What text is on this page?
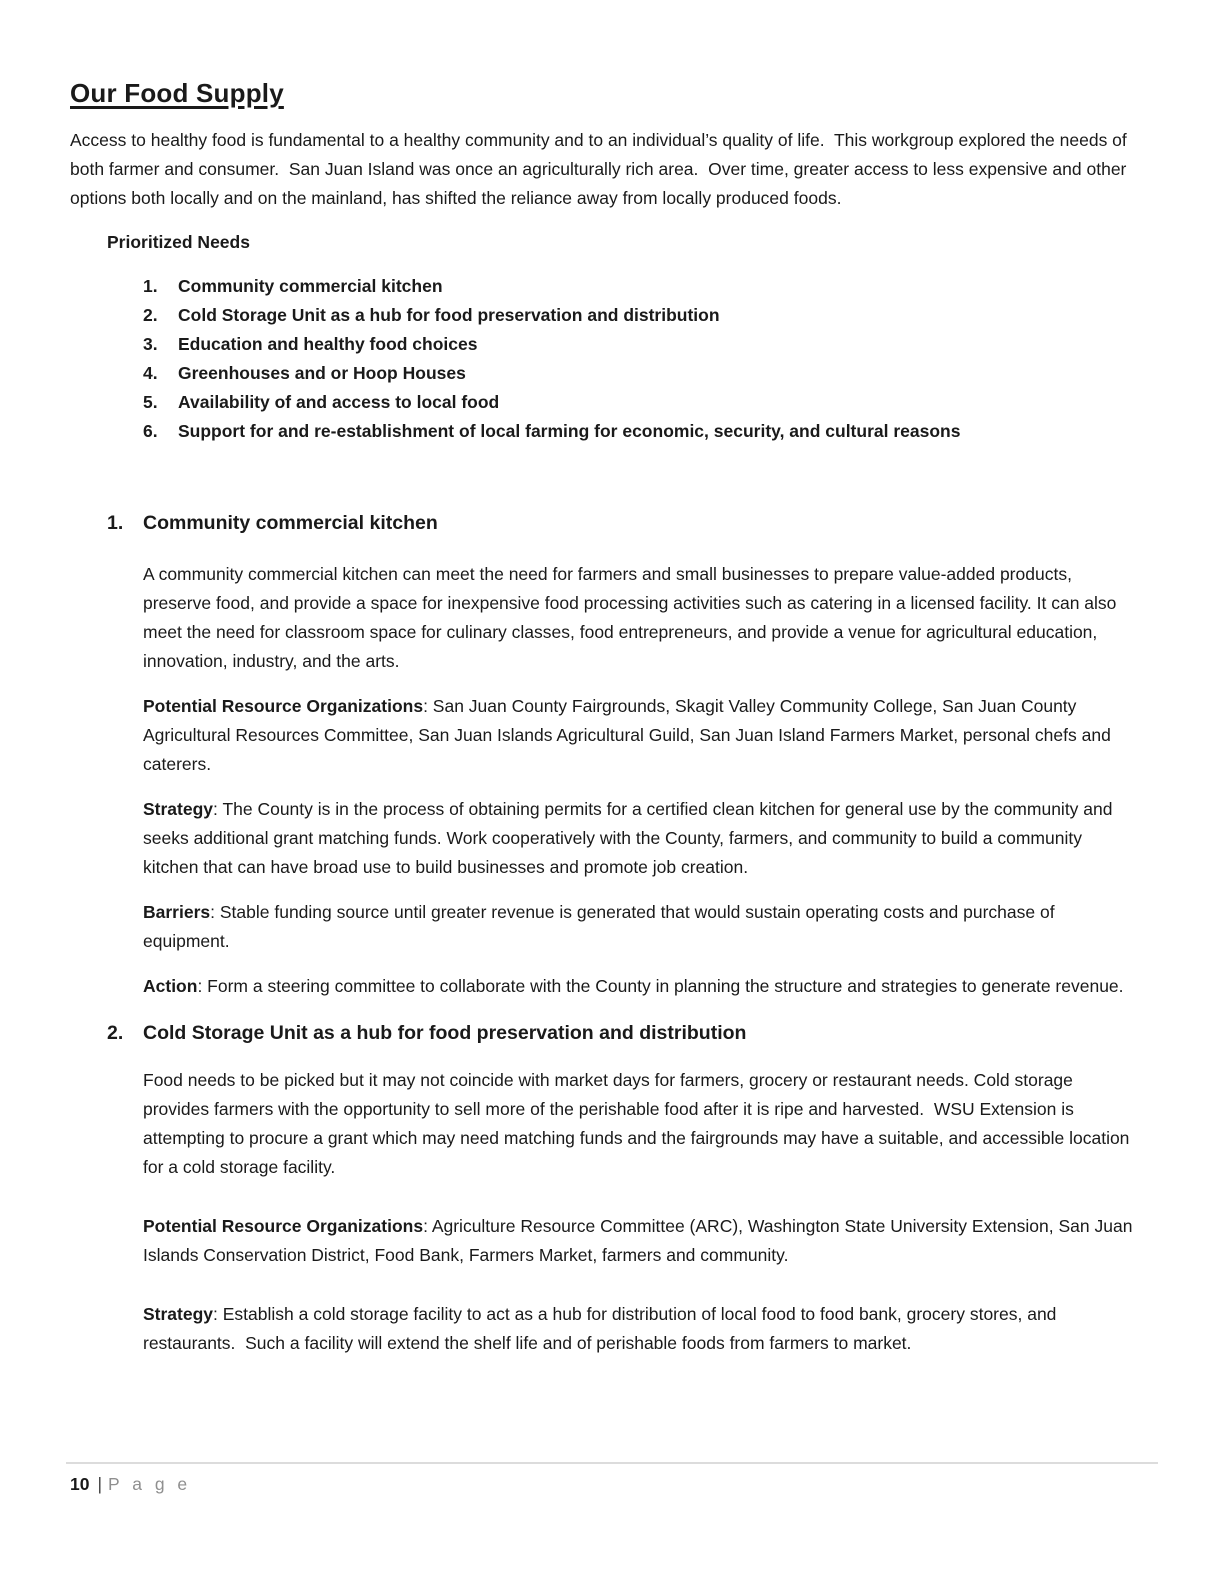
Our Food Supply

Access to healthy food is fundamental to a healthy community and to an individual’s quality of life.  This workgroup explored the needs of both farmer and consumer.  San Juan Island was once an agriculturally rich area.  Over time, greater access to less expensive and other options both locally and on the mainland, has shifted the reliance away from locally produced foods.

Prioritized Needs
1.	Community commercial kitchen
2.	Cold Storage Unit as a hub for food preservation and distribution
3.	Education and healthy food choices
4.	Greenhouses and or Hoop Houses
5.	Availability of and access to local food
6.	Support for and re-establishment of local farming for economic, security, and cultural reasons
1.	Community commercial kitchen

A community commercial kitchen can meet the need for farmers and small businesses to prepare value-added products, preserve food, and provide a space for inexpensive food processing activities such as catering in a licensed facility. It can also meet the need for classroom space for culinary classes, food entrepreneurs, and provide a venue for agricultural education, innovation, industry, and the arts.

Potential Resource Organizations: San Juan County Fairgrounds, Skagit Valley Community College, San Juan County Agricultural Resources Committee, San Juan Islands Agricultural Guild, San Juan Island Farmers Market, personal chefs and caterers.

Strategy: The County is in the process of obtaining permits for a certified clean kitchen for general use by the community and seeks additional grant matching funds. Work cooperatively with the County, farmers, and community to build a community kitchen that can have broad use to build businesses and promote job creation.

Barriers: Stable funding source until greater revenue is generated that would sustain operating costs and purchase of equipment.

Action: Form a steering committee to collaborate with the County in planning the structure and strategies to generate revenue.

2.	Cold Storage Unit as a hub for food preservation and distribution

Food needs to be picked but it may not coincide with market days for farmers, grocery or restaurant needs. Cold storage provides farmers with the opportunity to sell more of the perishable food after it is ripe and harvested.  WSU Extension is attempting to procure a grant which may need matching funds and the fairgrounds may have a suitable, and accessible location for a cold storage facility.

Potential Resource Organizations: Agriculture Resource Committee (ARC), Washington State University Extension, San Juan Islands Conservation District, Food Bank, Farmers Market, farmers and community.

Strategy: Establish a cold storage facility to act as a hub for distribution of local food to food bank, grocery stores, and restaurants.  Such a facility will extend the shelf life and of perishable foods from farmers to market.

10 | P a g e
